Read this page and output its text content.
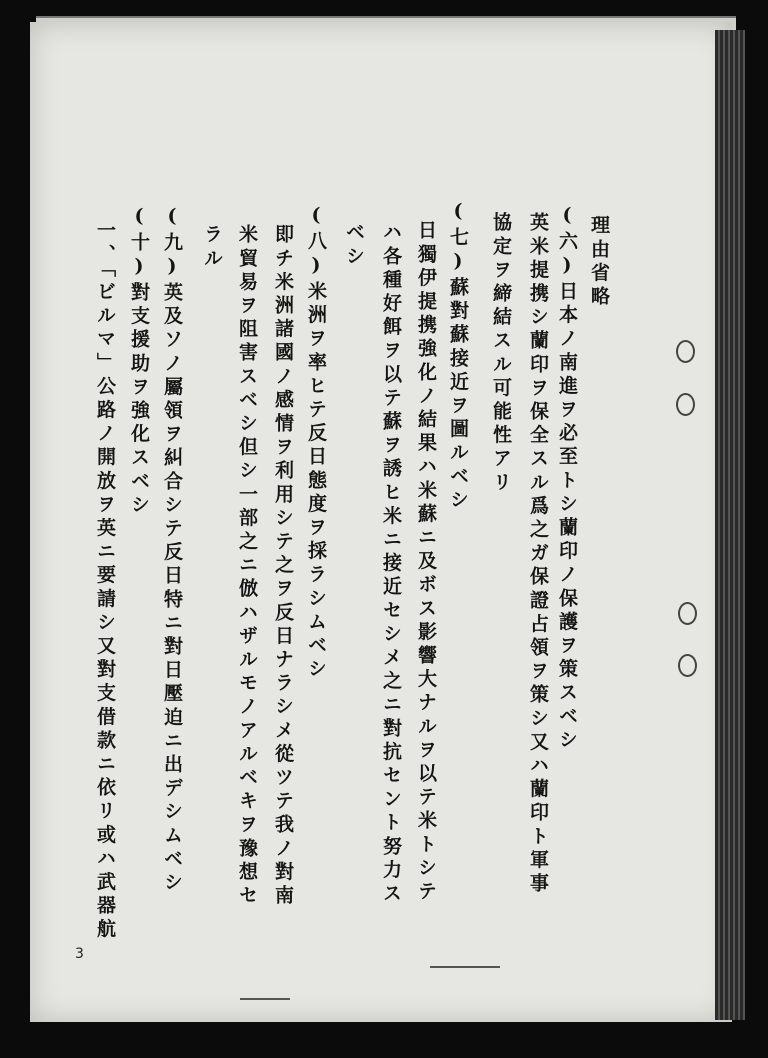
理由省略
(六)日本ノ南進ヲ必至トシ蘭印ノ保護ヲ策スベシ
英米提携シ蘭印ヲ保全スル爲之ガ保證占領ヲ策シ又ハ蘭印ト軍事
協定ヲ締結スル可能性アリ
(七)蘇對蘇接近ヲ圖ルベシ
日獨伊提携強化ノ結果ハ米蘇ニ及ボス影響大ナルヲ以テ米トシテ
ハ各種好餌ヲ以テ蘇ヲ誘ヒ米ニ接近セシメ之ニ對抗セント努力ス
ベシ
(八)米洲ヲ率ヒテ反日態度ヲ採ラシムベシ
即チ米洲諸國ノ感情ヲ利用シテ之ヲ反日ナラシメ從ツテ我ノ對南
米貿易ヲ阻害スベシ但シ一部之ニ倣ハザルモノアルベキヲ豫想セ
ラル
(九)英及ソノ屬領ヲ糾合シテ反日特ニ對日壓迫ニ出デシムベシ
(十)對支援助ヲ強化スベシ
一、「ビルマ」公路ノ開放ヲ英ニ要請シ又對支借款ニ依リ或ハ武器航
3
